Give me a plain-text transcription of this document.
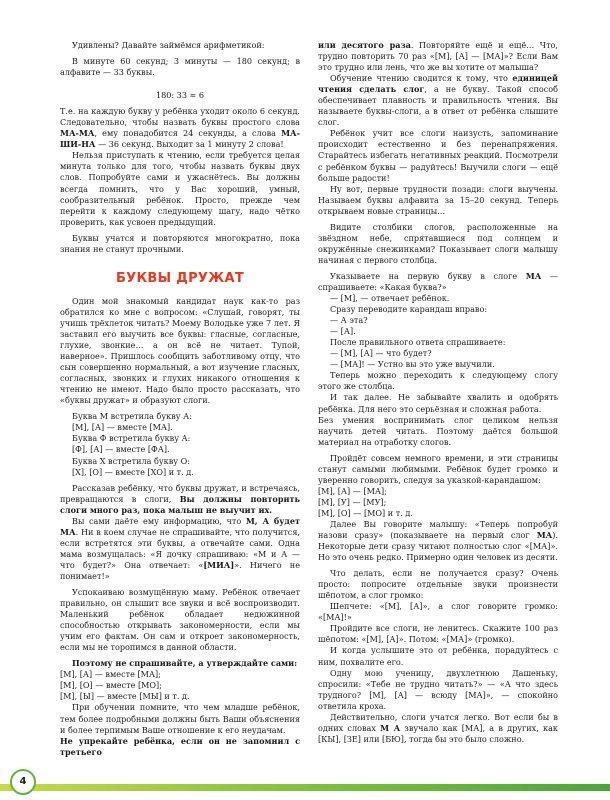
Удивлены? Давайте займёмся арифметикой:

В минуте 60 секунд; 3 минуты — 180 секунд; в алфавите — 33 буквы.

180: 33 ≈ 6

Т.е. на каждую букву у ребёнка уходит около 6 секунд. Следовательно, чтобы назвать буквы простого слова МА-МА, ему понадобится 24 секунды, а слова МА-ШИ-НА — 36 секунд. Выходит за 1 минуту 2 слова!

Нельзя приступать к чтению, если требуется целая минута только для того, чтобы назвать буквы двух слов. Попробуйте сами и ужаснётесь. Вы должны всегда помнить, что у Вас хороший, умный, сообразительный ребёнок. Просто, прежде чем перейти к каждому следующему шагу, надо чётко проверить, как усвоен предыдущий.

Буквы учатся и повторяются многократно, пока знания не станут прочными.

БУКВЫ ДРУЖАТ

Один мой знакомый кандидат наук как-то раз обратился ко мне с вопросом: «Слушай, говорят, ты учишь трёхлеток читать? Моему Володьке уже 7 лет. Я заставил его выучить все буквы: гласные, согласные, глухие, звонкие… а он всё не читает. Тупой, наверное». Пришлось сообщить заботливому отцу, что сын совершенно нормальный, а вот изучение гласных, согласных, звонких и глухих никакого отношения к чтению не имеют. Надо было просто рассказать, что «буквы дружат» и образуют слоги.

Буква М встретила букву А:

[М], [А] — вместе [МА].

Буква Ф встретила букву А:

[Ф], [А] — вместе [ФА].

Буква Х встретила букву О:

[Х], [О] — вместе [ХО] и т. д.

Рассказав ребёнку, что буквы дружат, и встречаясь, превращаются в слоги, Вы должны повторить слоги много раз, пока малыш не выучит их.

Вы сами даёте ему информацию, что М, А будет МА. Ни в коем случае не спрашивайте, что получится, если встретятся эти буквы, а отвечайте сами. Одна мама возмущалась: «Я дочку спрашиваю: «М и А — что будет?» Она отвечает: «[МИА]». Ничего не понимает!»

Успокаиваю возмущённую маму. Ребёнок отвечает правильно, он слышит все звуки и всё воспроизводит. Маленький ребёнок обладает недюжинной способностью открывать закономерности, если мы учим его фактам. Он сам и откроет закономерность, если мы не торопимся в данной области.

Поэтому не спрашивайте, а утверждайте сами:

[М], [А] — вместе [МА];

[М], [О] — вместе [МО];

[М], [Ы] — вместе [МЫ] и т. д.

При обучении помните, что чем младше ребёнок, тем более подробными должны быть Ваши объяснения и более терпимым Ваше отношение к его неудачам.

Не упрекайте ребёнка, если он не запомнил с третьего

или десятого раза. Повторяйте ещё и ещё… Что, трудно повторить 70 раз «[М], [А] — [МА]»? Если Вам это трудно или лень, что же вы хотите от малыша?

Обучение чтению сводится к тому, что единицей чтения сделать слог, а не букву. Такой способ обеспечивает плавность и правильность чтения. Вы называете буквы-слоги, а в ответ от ребёнка слышите слог.

Ребёнок учит все слоги наизусть, запоминание происходит естественно и без перенапряжения. Старайтесь избегать негативных реакций. Посмотрели с ребёнком буквы — радуйтесь! Выучили слоги — ещё больше радости!

Ну вот, первые трудности позади: слоги выучены. Называем буквы алфавита за 15–20 секунд. Теперь открываем новые страницы…

Видите столбики слогов, расположенные на звёздном небе, спрятавшиеся под солнцем и окружённые снежинками? Показывает слоги малышу начиная с первого столбца.

Указываете на первую букву в слоге МА — спрашиваете: «Какая буква?»

— [М], — отвечает ребёнок.

Сразу переводите карандаш вправо:

— А эта?

— [А].

После правильного ответа спрашиваете:

— [М], [А] — что будет?

— [МА]! — Устно вы это уже выучили.

Теперь можно переходить к следующему слогу этого же столбца.

И так далее. Не забывайте хвалить и одобрять ребёнка. Для него это серьёзная и сложная работа.

Без умения воспринимать слог целиком нельзя научить детей читать. Поэтому даётся большой материал на отработку слогов.

Пройдёт совсем немного времени, и эти страницы станут самыми любимыми. Ребёнок будет громко и уверенно говорить, следуя за указкой-карандашом:

[М], [А] — [МА];

[М], [У] — [МУ];

[М], [О] — [МО] и т. д.

Далее Вы говорите малышу: «Теперь попробуй назови сразу» (показываете на первый слог МА). Некоторые дети сразу читают полностью слог «[МА]». Но это очень редко. Примерно один человек из десяти.

Что делать, если не получается сразу? Очень просто: попросите отдельные звуки произнести шёпотом, а слог громко:

Шепчете: «[М], [А]», а слог говорите громко: «[МА]!»

Пройдите все слоги, не ленитесь. Скажите 100 раз шёпотом: «[М], [А]». Потом: «[МА]» (громко).

И когда услышите это от ребёнка, порадуйтесь с ним, похвалите его.

Одну мою ученицу, двухлетнюю Дашеньку, спросили: «Тебе не трудно читать?» — «А что здесь трудного? [М], [А] — всюду [МА]», — спокойно ответила кроха.

Действительно, слоги учатся легко. Вот если бы в одних словах М А звучало как [МА], а в других, как [КЫ], [ЗЕ] или [БЮ], тогда бы это было сложно.

4
